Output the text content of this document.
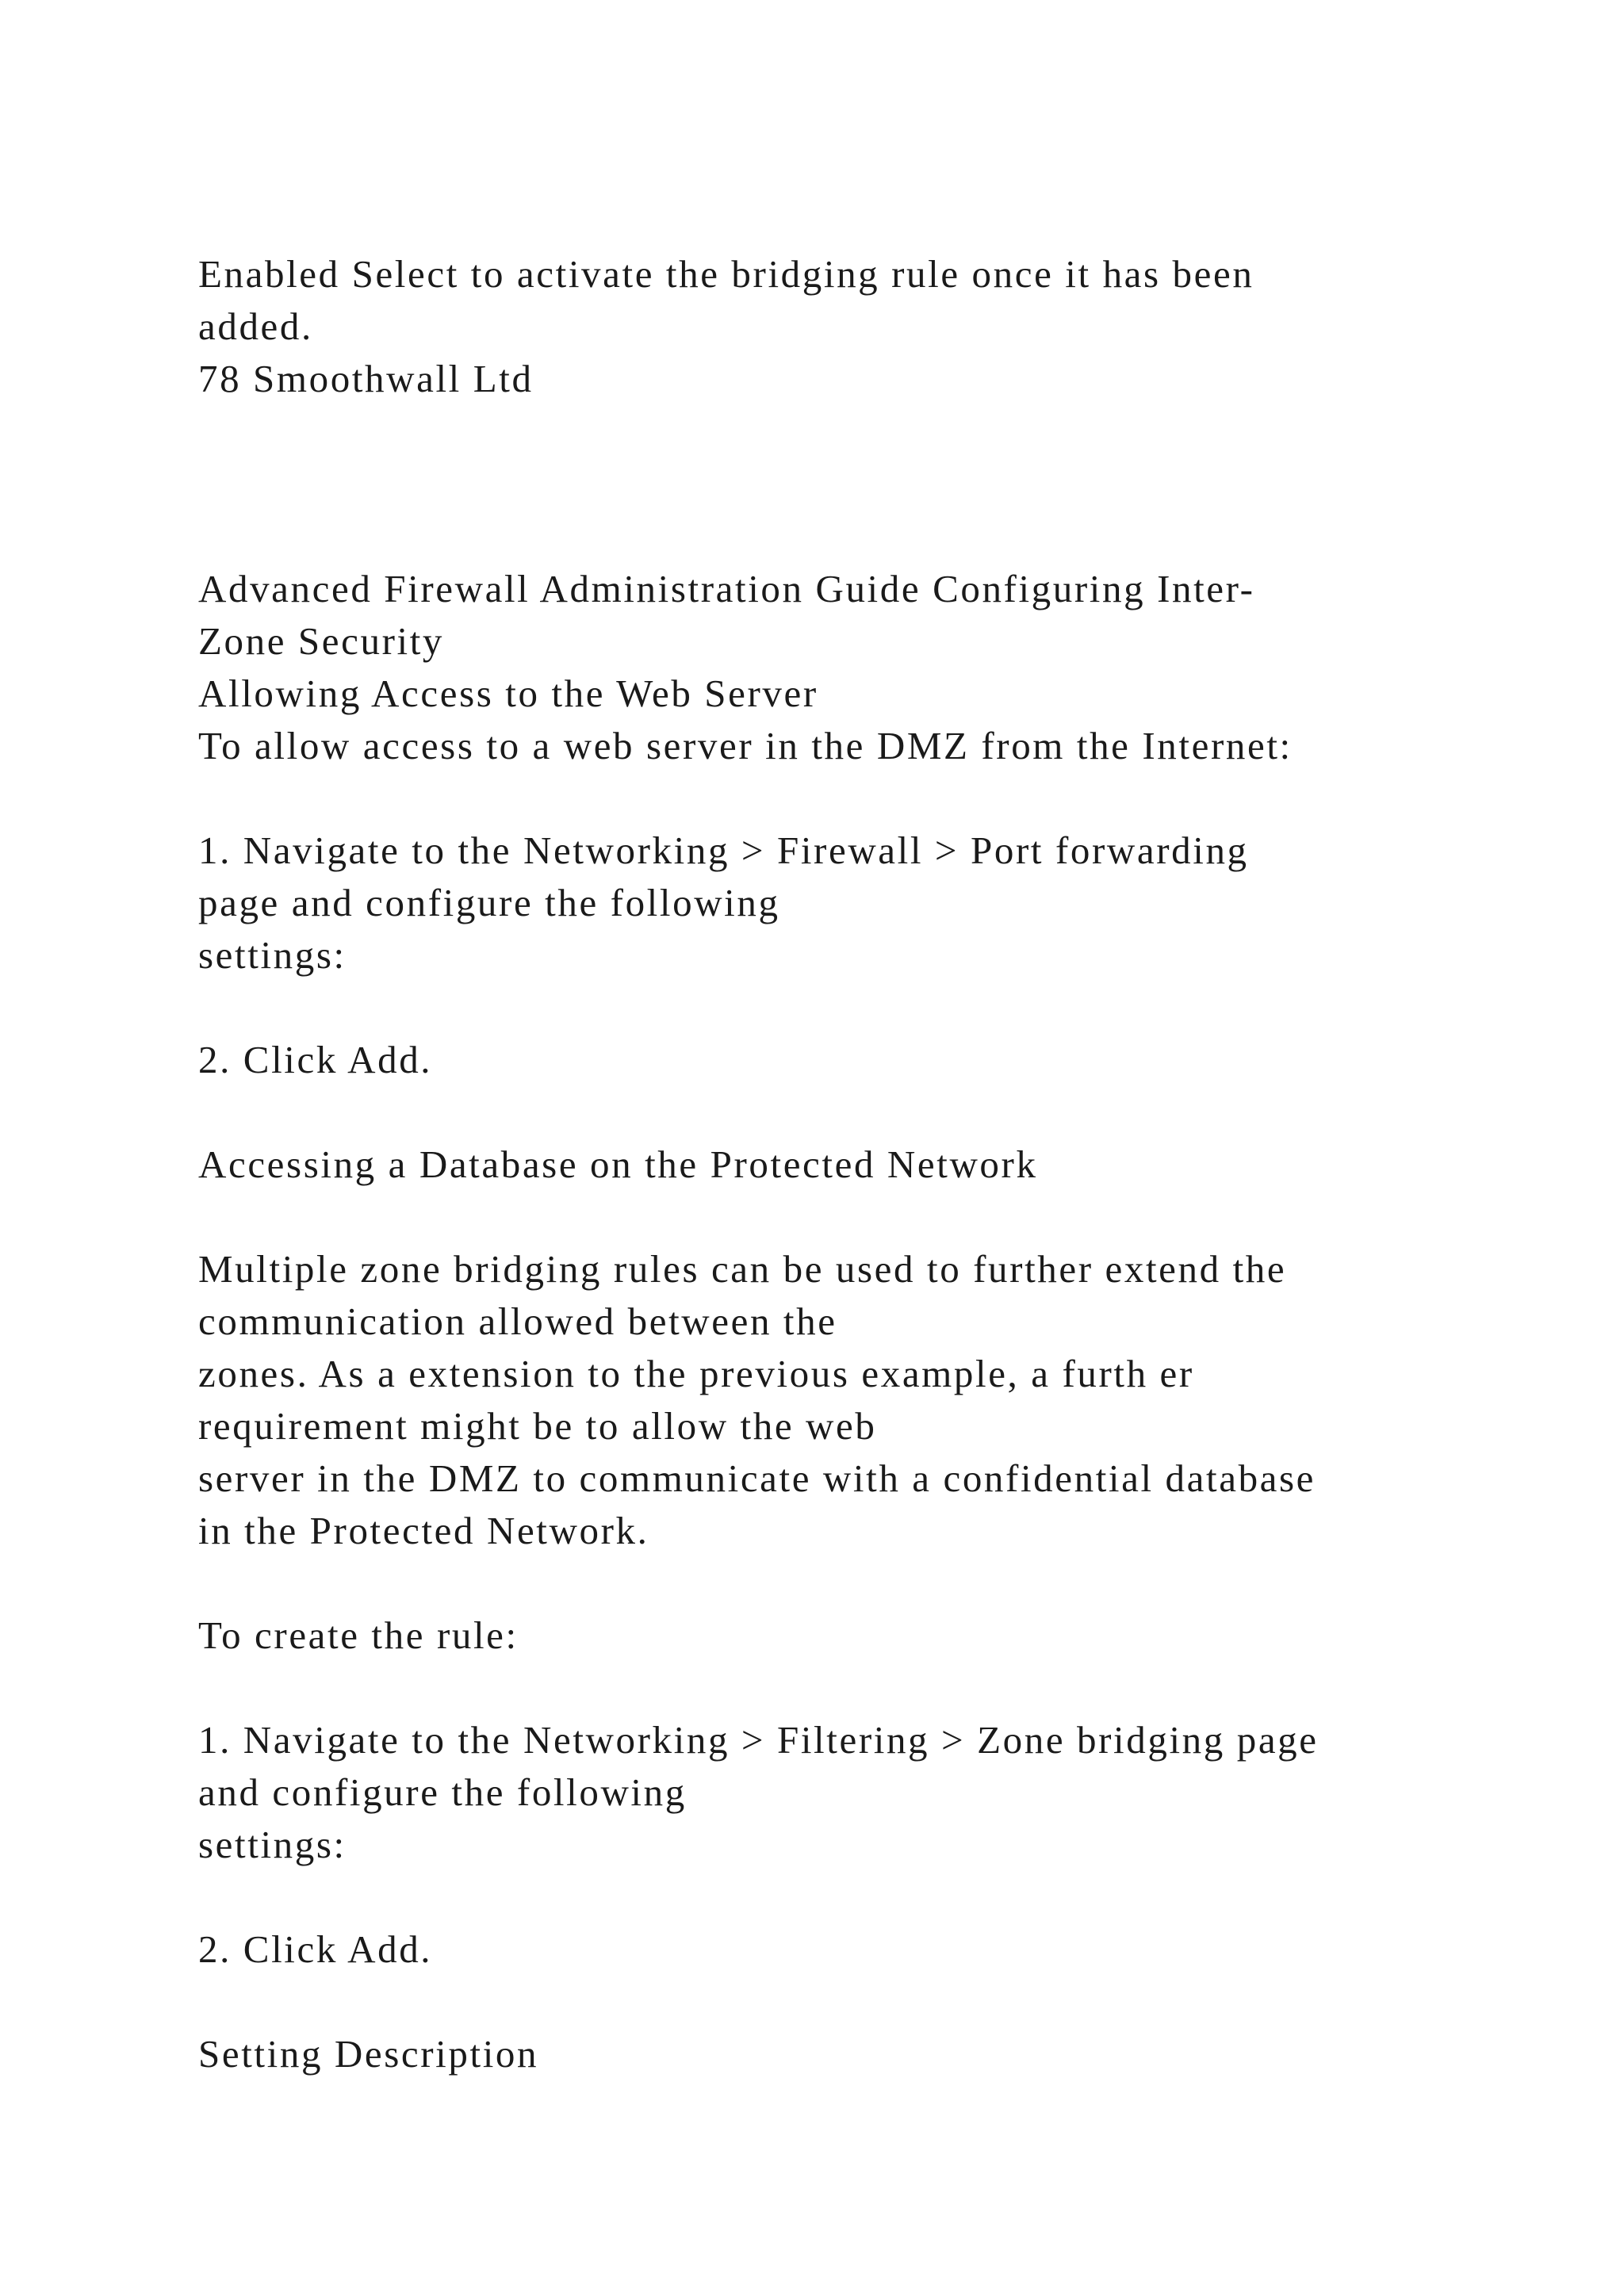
Enabled Select to activate the bridging rule once it has been

added.

78 Smoothwall Ltd

Advanced Firewall Administration Guide Configuring Inter-

Zone Security

Allowing Access to the Web Server

To allow access to a web server in the DMZ from the Internet:

1. Navigate to the Networking > Firewall > Port forwarding

page and configure the following

settings:

2. Click Add.

Accessing a Database on the Protected Network

Multiple zone bridging rules can be used to further extend the

communication allowed between the

zones. As a extension to the previous example, a furth er

requirement might be to allow the web

server in the DMZ to communicate with a confidential database

in the Protected Network.

To create the rule:

1. Navigate to the Networking > Filtering > Zone bridging page

and configure the following

settings:

2. Click Add.

Setting Description
